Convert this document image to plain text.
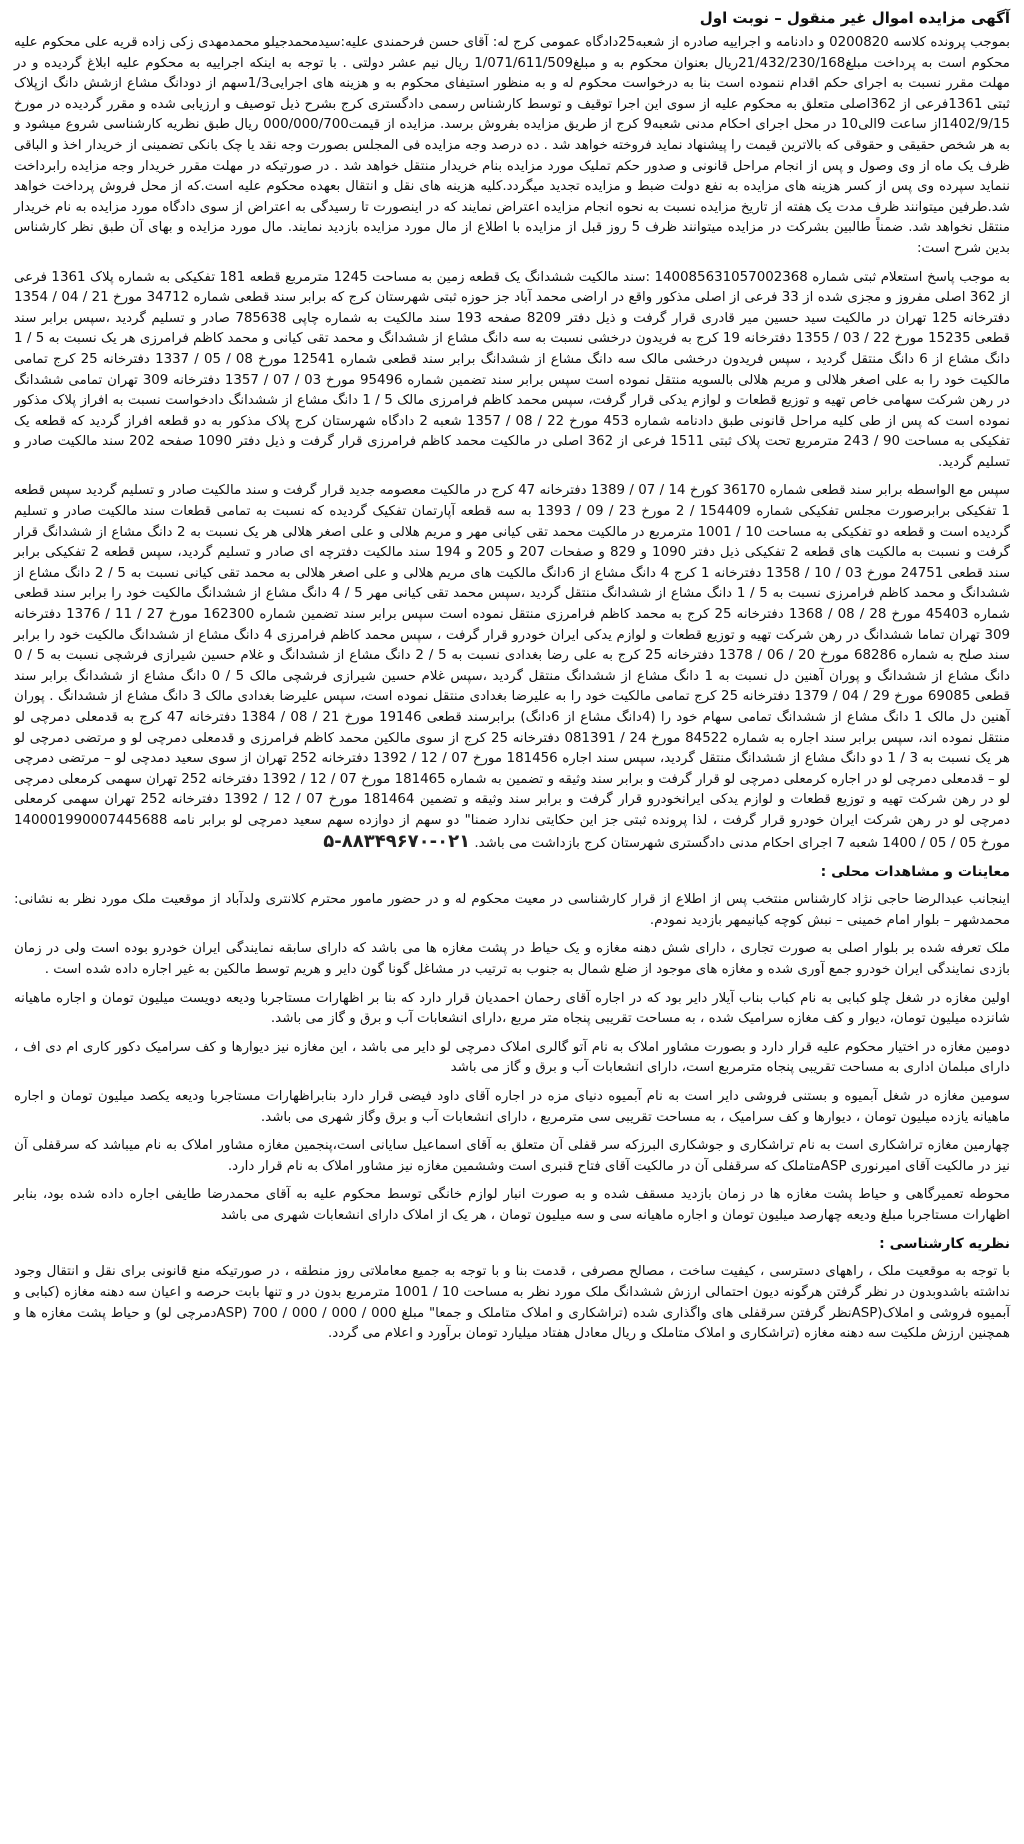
آگهی مزایده اموال غیر منقول – نوبت اول
بموجب پرونده کلاسه 0200820 و دادنامه و اجراییه صادره از شعبه25دادگاه عمومی کرج له: آقای حسن فرحمندی علیه:سیدمحمدجیلو محمدمهدی زکی زاده قریه علی محکوم علیه محکوم است به پرداخت مبلغ21/432/230/168ریال بعنوان محکوم به و مبلغ1/071/611/509 ریال نیم عشر دولتی . با توجه به اینکه اجراییه به محکوم علیه ابلاغ گردیده و در مهلت مقرر نسبت به اجرای حکم اقدام ننموده است بنا به درخواست محکوم له و به منظور استیفای محکوم به و هزینه های اجرایی1/3سهم از دودانگ مشاع ازشش دانگ ازپلاک ثبتی 1361فرعی از 362اصلی متعلق به محکوم علیه از سوی این اجرا توقیف و توسط کارشناس رسمی دادگستری کرج بشرح ذیل توصیف و ارزیابی شده و مقرر گردیده در مورخ 1402/9/15از ساعت 9الی10 در محل اجرای احکام مدنی شعبه9 کرج از طریق مزایده بفروش برسد. مزایده از قیمت000/000/700 ریال طبق نظریه کارشناسی شروع میشود و به هر شخص حقیقی و حقوقی که بالاترین قیمت را پیشنهاد نماید فروخته خواهد شد . ده درصد وجه مزایده فی المجلس بصورت وجه نقد یا چک بانکی تضمینی از خریدار اخذ و الباقی ظرف یک ماه از وی وصول و پس از انجام مراحل قانونی و صدور حکم تملیک مورد مزایده بنام خریدار منتقل خواهد شد . در صورتیکه در مهلت مقرر خریدار وجه مزایده رابرداخت ننماید سپرده وی پس از کسر هزینه های مزایده به نفع دولت ضبط و مزایده تجدید میگردد.کلیه هزینه های نقل و انتقال بعهده محکوم علیه است.که از محل فروش پرداخت خواهد شد.طرفین میتوانند ظرف مدت یک هفته از تاریخ مزایده نسبت به نحوه انجام مزایده اعتراض نمایند که در اینصورت تا رسیدگی به اعتراض از سوی دادگاه مورد مزایده به نام خریدار منتقل نخواهد شد. ضمناً طالبین بشرکت در مزایده میتوانند ظرف 5 روز قبل از مزایده با اطلاع از مال مورد مزایده بازدید نمایند. مال مورد مزایده و بهای آن طبق نظر کارشناس بدین شرح است:
به موجب پاسخ استعلام ثبتی شماره 140085631057002368 :سند مالکیت ششدانگ یک قطعه زمین به مساحت 1245 مترمربع قطعه 181 تفکیکی به شماره پلاک 1361 فرعی از 362 اصلی مفروز و مجزی شده از 33 فرعی از اصلی مذکور واقع در اراضی محمد آباد جز حوزه ثبتی شهرستان کرج که برابر سند قطعی شماره 34712 مورخ 21 / 04 / 1354 دفترخانه 125 تهران در مالکیت سید حسین میر قادری قرار گرفت و ذیل دفتر 8209 صفحه 193 سند مالکیت به شماره چاپی 785638 صادر و تسلیم گردید ،سپس برابر سند قطعی 15235 مورخ 22 / 03 / 1355 دفترخانه 19 کرج به فریدون درخشی نسبت به سه دانگ مشاع از ششدانگ و محمد تقی کیانی و محمد کاظم فرامرزی هر یک نسبت به 5 / 1 دانگ مشاع از 6 دانگ منتقل گردید ، سپس فریدون درخشی مالک سه دانگ مشاع از ششدانگ برابر سند قطعی شماره 12541 مورخ 08 / 05 / 1337 دفترخانه 25 کرج تمامی مالکیت خود را به علی اصغر هلالی و مریم هلالی بالسویه منتقل نموده است سپس برابر سند تضمین شماره 95496 مورخ 03 / 07 / 1357 دفترخانه 309 تهران تمامی ششدانگ در رهن شرکت سهامی خاص تهیه و توزیع قطعات و لوازم یدکی قرار گرفت، سپس محمد کاظم فرامرزی مالک 5 / 1 دانگ مشاع از ششدانگ دادخواست نسبت به افراز پلاک مذکور نموده است که پس از طی کلیه مراحل قانونی طبق دادنامه شماره 453 مورخ 22 / 08 / 1357 شعبه 2 دادگاه شهرستان کرج پلاک مذکور به دو قطعه افراز گردید که قطعه یک تفکیکی به مساحت 90 / 243 مترمربع تحت پلاک ثبتی 1511 فرعی از 362 اصلی در مالکیت محمد کاظم فرامرزی قرار گرفت و ذیل دفتر 1090 صفحه 202 سند مالکیت صادر و تسلیم گردید.
سپس مع الواسطه برابر سند قطعی شماره 36170 کورخ 14 / 07 / 1389 دفترخانه 47 کرج در مالکیت معصومه جدید قرار گرفت و سند مالکیت صادر و تسلیم گردید سپس قطعه 1 تفکیکی برابرصورت مجلس تفکیکی شماره 154409 / 2 مورخ 23 / 09 / 1393 به سه قطعه آپارتمان تفکیک گردیده که نسبت به تمامی قطعات سند مالکیت صادر و تسلیم گردیده است و قطعه دو تفکیکی به مساحت 10 / 1001 مترمربع در مالکیت محمد تقی کیانی مهر و مریم هلالی و علی اصغر هلالی هر یک نسبت به 2 دانگ مشاع از ششدانگ قرار گرفت و نسبت به مالکیت های قطعه 2 تفکیکی ذیل دفتر 1090 و 829 و صفحات 207 و 205 و 194 سند مالکیت دفترچه ای صادر و تسلیم گردید، سپس قطعه 2 تفکیکی برابر سند قطعی 24751 مورخ 03 / 10 / 1358 دفترخانه 1 کرج 4 دانگ مشاع از 6دانگ مالکیت های مریم هلالی و علی اصغر هلالی به محمد تقی کیانی نسبت به 5 / 2 دانگ مشاع از ششدانگ و محمد کاظم فرامرزی نسبت به 5 / 1 دانگ مشاع از ششدانگ منتقل گردید ،سپس محمد تقی کیانی مهر 5 / 4 دانگ مشاع از ششدانگ مالکیت خود را برابر سند قطعی شماره 45403 مورخ 28 / 08 / 1368 دفترخانه 25 کرج به محمد کاظم فرامرزی منتقل نموده است سپس برابر سند تضمین شماره 162300 مورخ 27 / 11 / 1376 دفترخانه 309 تهران تماما ششدانگ در رهن شرکت تهیه و توزیع قطعات و لوازم یدکی ایران خودرو قرار گرفت ، سپس محمد کاظم فرامرزی 4 دانگ مشاع از ششدانگ مالکیت خود را برابر سند صلح به شماره 68286 مورخ 20 / 06 / 1378 دفترخانه 25 کرج به علی رضا بغدادی نسبت به 5 / 2 دانگ مشاع از ششدانگ و غلام حسین شیرازی فرشچی نسبت به 5 / 0 دانگ مشاع از ششدانگ و پوران آهنین دل نسبت به 1 دانگ مشاع از ششدانگ منتقل گردید ،سپس غلام حسین شیرازی فرشچی مالک 5 / 0 دانگ مشاع از ششدانگ برابر سند قطعی 69085 مورخ 29 / 04 / 1379 دفترخانه 25 کرج تمامی مالکیت خود را به علیرضا بغدادی منتقل نموده است، سپس علیرضا بغدادی مالک 3 دانگ مشاع از ششدانگ . پوران آهنین دل مالک 1 دانگ مشاع از ششدانگ تمامی سهام خود را (4دانگ مشاع از 6دانگ) برابرسند قطعی 19146 مورخ 21 / 08 / 1384 دفترخانه 47 کرج به قدمعلی دمرچی لو منتقل نموده اند، سپس برابر سند اجاره به شماره 84522 مورخ 24 / 081391 دفترخانه 25 کرج از سوی مالکین محمد کاظم فرامرزی و قدمعلی دمرچی لو و مرتضی دمرچی لو هر یک نسبت به 3 / 1 دو دانگ مشاع از ششدانگ منتقل گردید، سپس سند اجاره 181456 مورخ 07 / 12 / 1392 دفترخانه 252 تهران از سوی سعید دمدچی لو – مرتضی دمرچی لو – قدمعلی دمرچی لو در اجاره کرمعلی دمرچی لو قرار گرفت و برابر سند وثیقه و تضمین به شماره 181465 مورخ 07 / 12 / 1392 دفترخانه 252 تهران سهمی کرمعلی دمرچی لو در رهن شرکت تهیه و توزیع قطعات و لوازم یدکی ایرانخودرو قرار گرفت و برابر سند وثیقه و تضمین 181464 مورخ 07 / 12 / 1392 دفترخانه 252 تهران سهمی کرمعلی دمرچی لو در رهن شرکت ایران خودرو قرار گرفت ، لذا پرونده ثبتی جز این حکایتی ندارد ضمنا" دو سهم از دوازده سهم سعید دمرچی لو برابر نامه 140001990007445688 مورخ 05 / 05 / 1400 شعبه 7 اجرای احکام مدنی دادگستری شهرستان کرج بازداشت می باشد. ۰۲۱-۸۸۳۴۹۶۷۰-۵
معاینات و مشاهدات محلی :
اینجانب عبدالرضا حاجی نژاد کارشناس منتخب پس از اطلاع از قرار کارشناسی در معیت محکوم له و در حضور مامور محترم کلانتری ولدآباد از موقعیت ملک مورد نظر به نشانی: محمدشهر – بلوار امام خمینی – نبش کوچه کیانیمهر بازدید نمودم.
ملک تعرفه شده بر بلوار اصلی به صورت تجاری ، دارای شش دهنه مغازه و یک حیاط در پشت مغازه ها می باشد که دارای سابقه نمایندگی ایران خودرو بوده است ولی در زمان بازدی نمایندگی ایران خودرو جمع آوری شده و مغازه های موجود از ضلع شمال به جنوب به ترتیب در مشاغل گونا گون دایر و هریم توسط مالکین به غیر اجاره داده شده است .
اولین مغازه در شغل چلو کبابی به نام کباب بناب آیلار دایر بود که در اجاره آقای رحمان احمدیان قرار دارد که بنا بر اظهارات مستاجربا ودیعه دویست میلیون تومان و اجاره ماهیانه شانزده میلیون تومان، دیوار و کف مغازه سرامیک شده ، به مساحت تقریبی پنجاه متر مربع ،دارای انشعابات آب و برق و گاز می باشد.
دومین مغازه در اختیار محکوم علیه قرار دارد و بصورت مشاور املاک به نام آتو گالری املاک دمرچی لو دایر می باشد ، این مغازه نیز دیوارها و کف سرامیک دکور کاری ام دی اف ، دارای مبلمان اداری به مساحت تقریبی پنجاه مترمربع است، دارای انشعابات آب و برق و گاز می باشد
سومین مغازه در شغل آبمیوه و بستنی فروشی دایر است به نام آبمیوه دنیای مزه در اجاره آقای داود فیضی قرار دارد بنابراظهارات مستاجربا ودیعه یکصد میلیون تومان و اجاره ماهیانه یازده میلیون تومان ، دیوارها و کف سرامیک ، به مساحت تقریبی سی مترمربع ، دارای انشعابات آب و برق وگاز شهری می باشد.
چهارمین مغازه تراشکاری است به نام تراشکاری و جوشکاری البرزکه سر قفلی آن متعلق به آقای اسماعیل سایانی است،پنجمین مغازه مشاور املاک به نام میباشد که سرقفلی آن نیز در مالکیت آقای امیرنوری ASPمتاملک که سرقفلی آن در مالکیت آقای فتاح قنبری است وششمین مغازه نیز مشاور املاک به نام قرار دارد.
محوطه تعمیرگاهی و حیاط پشت مغازه ها در زمان بازدید مسقف شده و به صورت انبار لوازم خانگی توسط محکوم علیه به آقای محمدرضا طایفی اجاره داده شده بود، بنابر اظهارات مستاجربا مبلغ ودیعه چهارصد میلیون تومان و اجاره ماهیانه سی و سه میلیون تومان ، هر یک از املاک دارای انشعابات شهری می باشد
نظریه کارشناسی :
با توجه به موقعیت ملک ، راههای دسترسی ، کیفیت ساخت ، مصالح مصرفی ، قدمت بنا و با توجه به جمیع معاملاتی روز منطقه ، در صورتیکه منع قانونی برای نقل و انتقال وجود نداشته باشدوبدون در نظر گرفتن هرگونه دیون احتمالی ارزش ششدانگ ملک مورد نظر به مساحت 10 / 1001 مترمربع بدون در و تنها بابت حرصه و اعیان سه دهنه مغازه (کبابی و آبمیوه فروشی و املاک(ASPنظر گرفتن سرقفلی های واگذاری شده (تراشکاری و املاک متاملک و جمعا" مبلغ 000 / 000 / 000 / 700 (ASPدمرچی لو) و حیاط پشت مغازه ها و همچنین ارزش ملکیت سه دهنه مغازه (تراشکاری و املاک متاملک و ریال معادل هفتاد میلیارد تومان برآورد و اعلام می گردد.
